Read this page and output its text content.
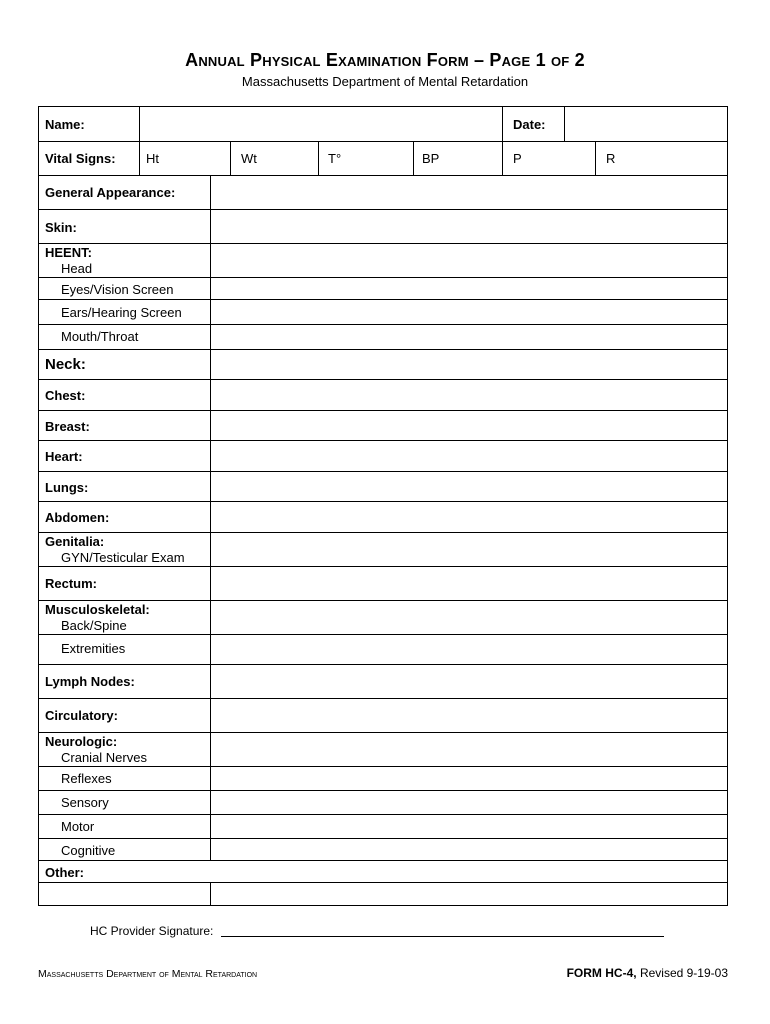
Annual Physical Examination Form – Page 1 of 2
Massachusetts Department of Mental Retardation
Name:	Date:
Vital Signs: Ht	Wt	T°	BP	P	R
General Appearance:
Skin:
HEENT:
Head
Eyes/Vision Screen
Ears/Hearing Screen
Mouth/Throat
Neck:
Chest:
Breast:
Heart:
Lungs:
Abdomen:
Genitalia:
GYN/Testicular Exam
Rectum:
Musculoskeletal:
Back/Spine
Extremities
Lymph Nodes:
Circulatory:
Neurologic:
Cranial Nerves
Reflexes
Sensory
Motor
Cognitive
Other:
HC Provider Signature:
Massachusetts Department of Mental Retardation	FORM HC-4, Revised 9-19-03
